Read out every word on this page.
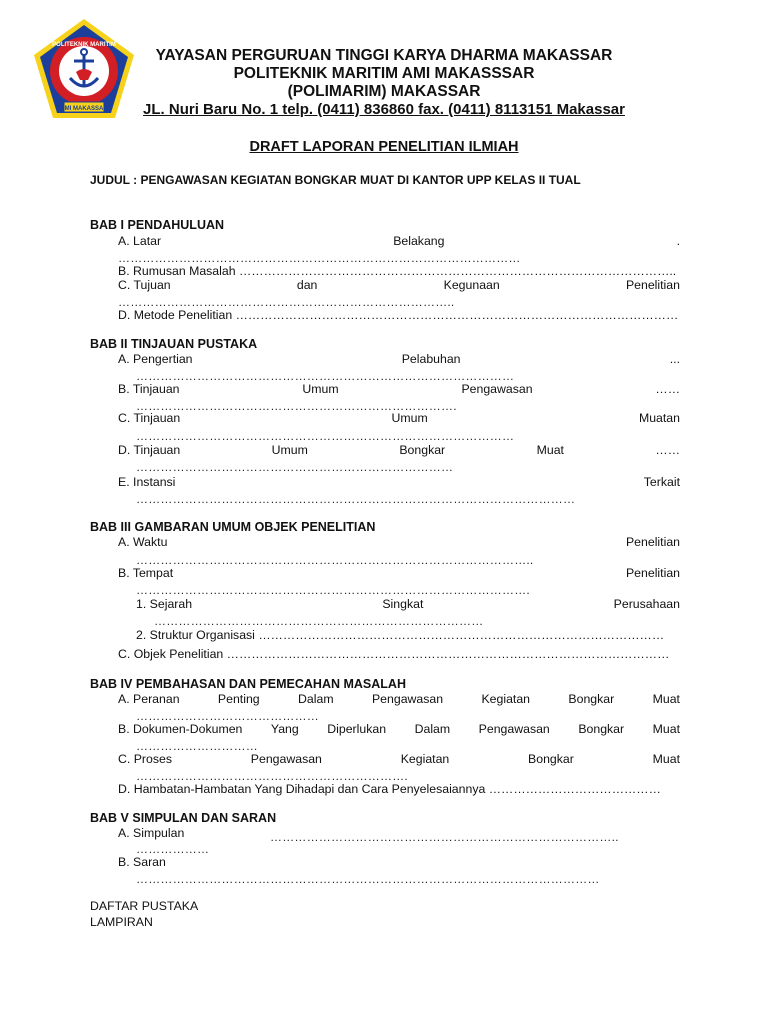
POLITEKNIK MARITIM
AMI MAKASSAR
YAYASAN PERGURUAN TINGGI KARYA DHARMA MAKASSAR
POLITEKNIK MARITIM AMI MAKASSSAR
(POLIMARIM) MAKASSAR
JL. Nuri Baru No. 1 telp. (0411) 836860 fax. (0411) 8113151 Makassar
DRAFT LAPORAN PENELITIAN ILMIAH
JUDUL : PENGAWASAN KEGIATAN BONGKAR MUAT DI KANTOR UPP KELAS II TUAL
BAB I PENDAHULUAN
A. Latar	Belakang	.
………………………………………………………………………………………
B. Rumusan Masalah ……………………………………………………………………………………………..
C. Tujuan	dan	Kegunaan	Penelitian
………………………………………………………………………..
D. Metode Penelitian ………………………………………………………………………………………………
BAB II TINJAUAN PUSTAKA
A. Pengertian	Pelabuhan	...
…………………………………………………………………………………
B. Tinjauan	Umum	Pengawasan	……
…………………………………………………………………….
C. Tinjauan	Umum	Muatan
…………………………………………………………………………………
D. Tinjauan	Umum	Bongkar	Muat	……
……………………………………………………………………
E. Instansi	Terkait
………………………………………………………………………………………………
BAB III GAMBARAN UMUM OBJEK PENELITIAN
A. Waktu	Penelitian
……………………………………………………………………………………..
B. Tempat	Penelitian
…………………………………………………………………………………….
1. Sejarah	Singkat	Perusahaan
………………………………………………………………………
2. Struktur Organisasi ………………………………………………………………………………………
C. Objek Penelitian ………………………………………………………………………………………………
BAB IV PEMBAHASAN DAN PEMECAHAN MASALAH
A. Peranan	Penting	Dalam	Pengawasan	Kegiatan	Bongkar	Muat
………………………………………
B. Dokumen-Dokumen Yang Diperlukan Dalam Pengawasan Bongkar Muat
…………………………
C. Proses	Pengawasan	Kegiatan	Bongkar	Muat
………………………………………………………….
D. Hambatan-Hambatan Yang Dihadapi dan Cara Penyelesaiannya ……………………………………
BAB V SIMPULAN DAN SARAN
A. Simpulan	…………………………………………………………………………..
………………
B. Saran
……………………………………………………………………………………………………
DAFTAR PUSTAKA
LAMPIRAN
